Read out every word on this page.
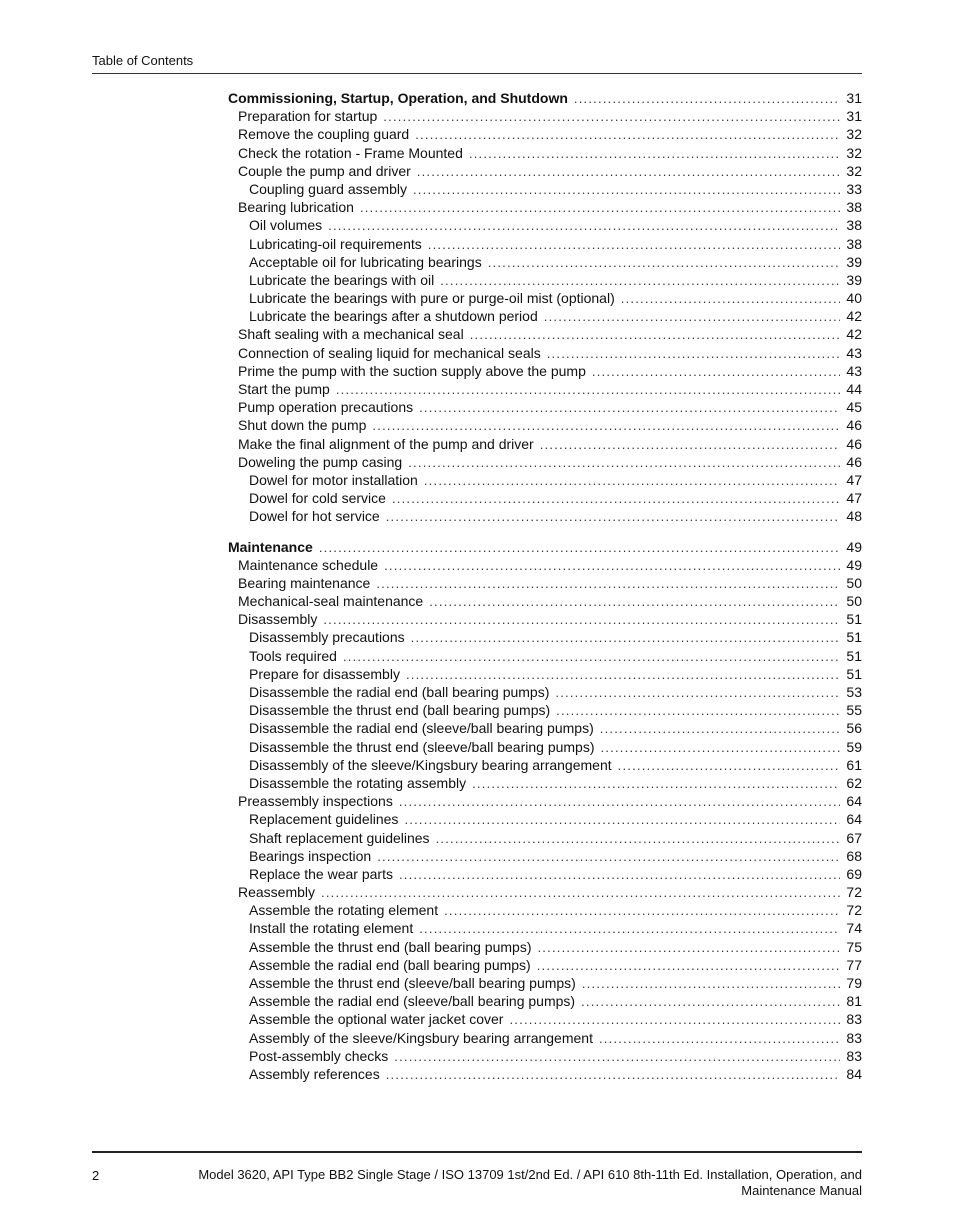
Table of Contents
Commissioning, Startup, Operation, and Shutdown . . .	31
Preparation for startup . . .	31
Remove the coupling guard . . .	32
Check the rotation - Frame Mounted . . .	32
Couple the pump and driver . . .	32
Coupling guard assembly . . .	33
Bearing lubrication . . .	38
Oil volumes . . .	38
Lubricating-oil requirements . . .	38
Acceptable oil for lubricating bearings . . .	39
Lubricate the bearings with oil . . .	39
Lubricate the bearings with pure or purge-oil mist (optional) . . .	40
Lubricate the bearings after a shutdown period . . .	42
Shaft sealing with a mechanical seal . . .	42
Connection of sealing liquid for mechanical seals . . .	43
Prime the pump with the suction supply above the pump . . .	43
Start the pump . . .	44
Pump operation precautions . . .	45
Shut down the pump . . .	46
Make the final alignment of the pump and driver . . .	46
Doweling the pump casing . . .	46
Dowel for motor installation . . .	47
Dowel for cold service . . .	47
Dowel for hot service . . .	48
Maintenance . . .	49
Maintenance schedule . . .	49
Bearing maintenance . . .	50
Mechanical-seal maintenance . . .	50
Disassembly . . .	51
Disassembly precautions . . .	51
Tools required . . .	51
Prepare for disassembly . . .	51
Disassemble the radial end (ball bearing pumps) . . .	53
Disassemble the thrust end (ball bearing pumps) . . .	55
Disassemble the radial end (sleeve/ball bearing pumps) . . .	56
Disassemble the thrust end (sleeve/ball bearing pumps) . . .	59
Disassembly of the sleeve/Kingsbury bearing arrangement . . .	61
Disassemble the rotating assembly . . .	62
Preassembly inspections . . .	64
Replacement guidelines . . .	64
Shaft replacement guidelines . . .	67
Bearings inspection . . .	68
Replace the wear parts . . .	69
Reassembly . . .	72
Assemble the rotating element . . .	72
Install the rotating element . . .	74
Assemble the thrust end (ball bearing pumps) . . .	75
Assemble the radial end (ball bearing pumps) . . .	77
Assemble the thrust end (sleeve/ball bearing pumps) . . .	79
Assemble the radial end (sleeve/ball bearing pumps) . . .	81
Assemble the optional water jacket cover . . .	83
Assembly of the sleeve/Kingsbury bearing arrangement . . .	83
Post-assembly checks . . .	83
Assembly references . . .	84
2	Model 3620, API Type BB2 Single Stage / ISO 13709 1st/2nd Ed. / API 610 8th-11th Ed. Installation, Operation, and
Maintenance Manual
